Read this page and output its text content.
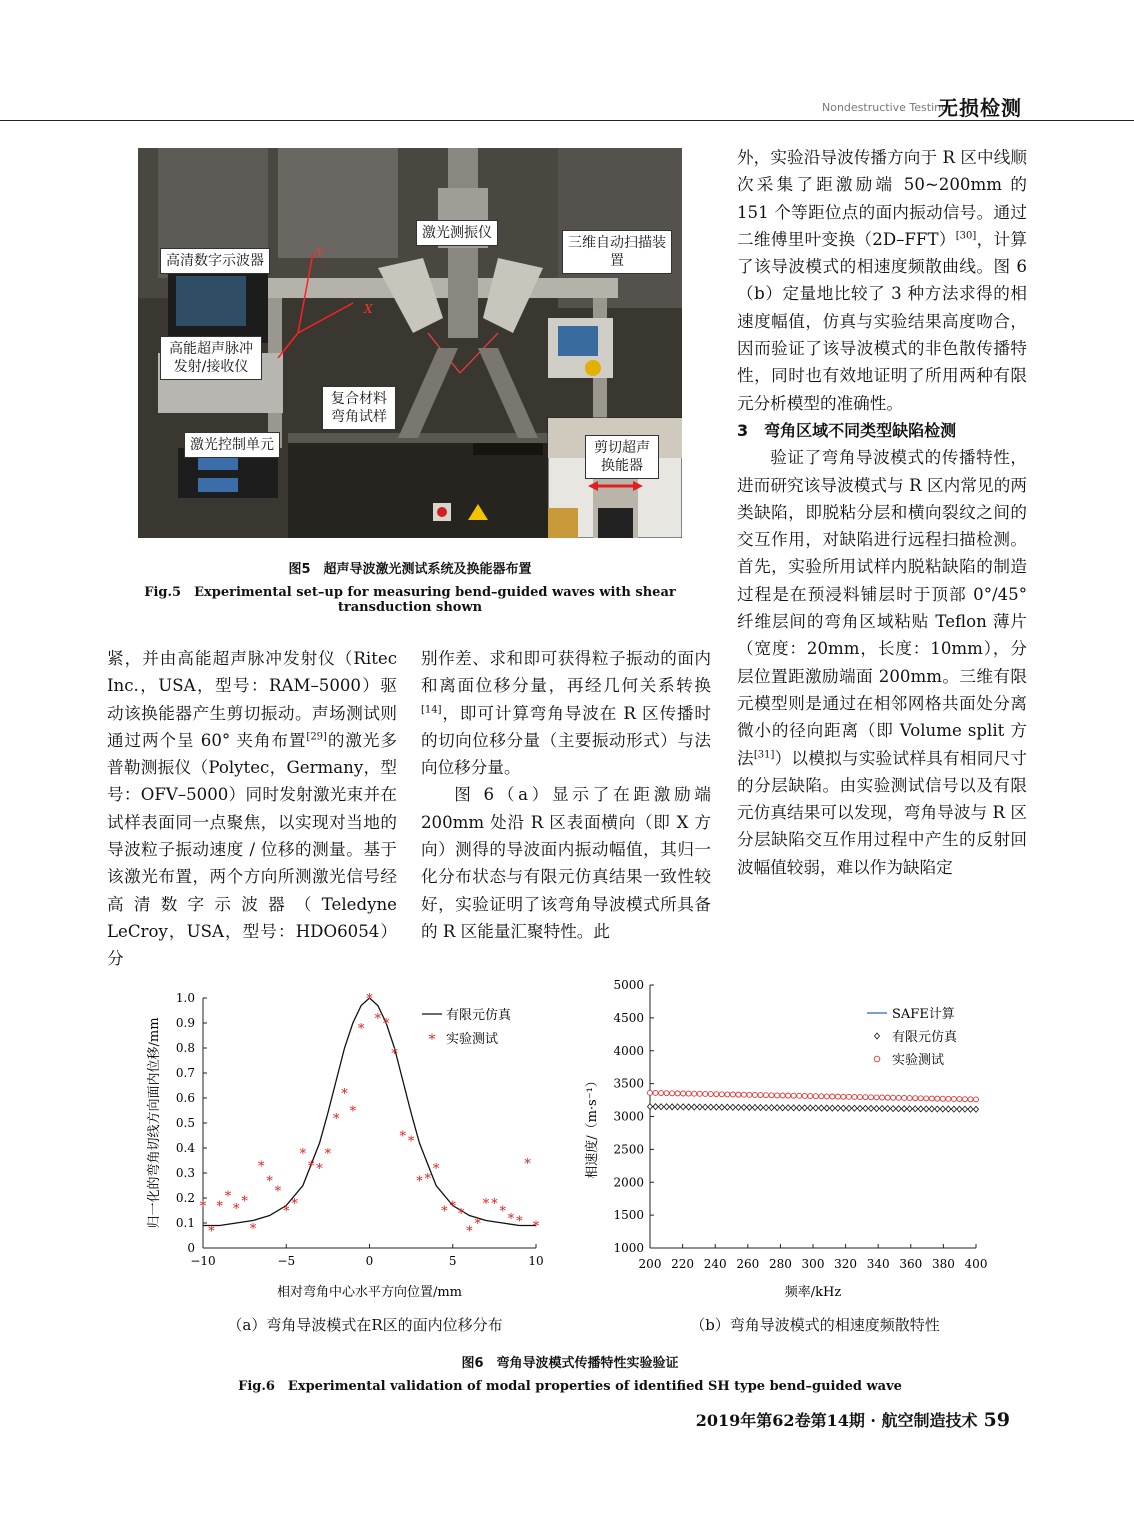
Nondestructive Testing
无损检测
激光测振仪
三维自动扫描装置
高清数字示波器
高能超声脉冲发射/接收仪
复合材料弯角试样
激光控制单元	剪切超声换能器
Y
X
图5　超声导波激光测试系统及换能器布置
Fig.5　Experimental set–up for measuring bend–guided waves with shear transduction shown

紧，并由高能超声脉冲发射仪（Ritec Inc.，USA，型号：RAM–5000）驱动该换能器产生剪切振动。声场测试则通过两个呈 60° 夹角布置[29]的激光多普勒测振仪（Polytec，Germany，型号：OFV–5000）同时发射激光束并在试样表面同一点聚焦，以实现对当地的导波粒子振动速度 / 位移的测量。基于该激光布置，两个方向所测激光信号经高清数字示波器（Teledyne LeCroy，USA，型号：HDO6054）分

别作差、求和即可获得粒子振动的面内和离面位移分量，再经几何关系转换[14]，即可计算弯角导波在 R 区传播时的切向位移分量（主要振动形式）与法向位移分量。

图 6（a）显示了在距激励端 200mm 处沿 R 区表面横向（即 X 方向）测得的导波面内振动幅值，其归一化分布状态与有限元仿真结果一致性较好，实验证明了该弯角导波模式所具备的 R 区能量汇聚特性。此

外，实验沿导波传播方向于 R 区中线顺次采集了距激励端 50~200mm 的 151 个等距位点的面内振动信号。通过二维傅里叶变换（2D–FFT）[30]，计算了该导波模式的相速度频散曲线。图 6（b）定量地比较了 3 种方法求得的相速度幅值，仿真与实验结果高度吻合，因而验证了该导波模式的非色散传播特性，同时也有效地证明了所用两种有限元分析模型的准确性。

3　弯角区域不同类型缺陷检测

验证了弯角导波模式的传播特性，进而研究该导波模式与 R 区内常见的两类缺陷，即脱粘分层和横向裂纹之间的交互作用，对缺陷进行远程扫描检测。首先，实验所用试样内脱粘缺陷的制造过程是在预浸料铺层时于顶部 0°/45° 纤维层间的弯角区域粘贴 Teflon 薄片（宽度：20mm，长度：10mm），分层位置距激励端面 200mm。三维有限元模型则是通过在相邻网格共面处分离微小的径向距离（即 Volume split 方法[31]）以模拟与实验试样具有相同尺寸的分层缺陷。由实验测试信号以及有限元仿真结果可以发现，弯角导波与 R 区分层缺陷交互作用过程中产生的反射回波幅值较弱，难以作为缺陷定

0
0.1
0.2
0.3
0.4
0.5
0.6
0.7
0.8
0.9
1.0
−10	−5	0	5	10
相对弯角中心水平方向位置/mm
归一化的弯角切线方向面内位移/mm	*
*
*
*
* *
*
*
*
*
* *
*
* *
*
*
*
*
*
*
* *
*
* *
* *
*
* * *
* *
* * * * *
*
*
有限元仿真
* 实验测试
1000
1500
2000
2500
3000
3500
4000
4500
5000
200 220 240 260 280 300 320 340 360 380 400
频率/kHz
相速度/（m·s⁻¹）
SAFE计算
有限元仿真
实验测试
（a）弯角导波模式在R区的面内位移分布	（b）弯角导波模式的相速度频散特性
图6　弯角导波模式传播特性实验验证
Fig.6　Experimental validation of modal properties of identified SH type bend–guided wave
2019年第62卷第14期 · 航空制造技术 59
